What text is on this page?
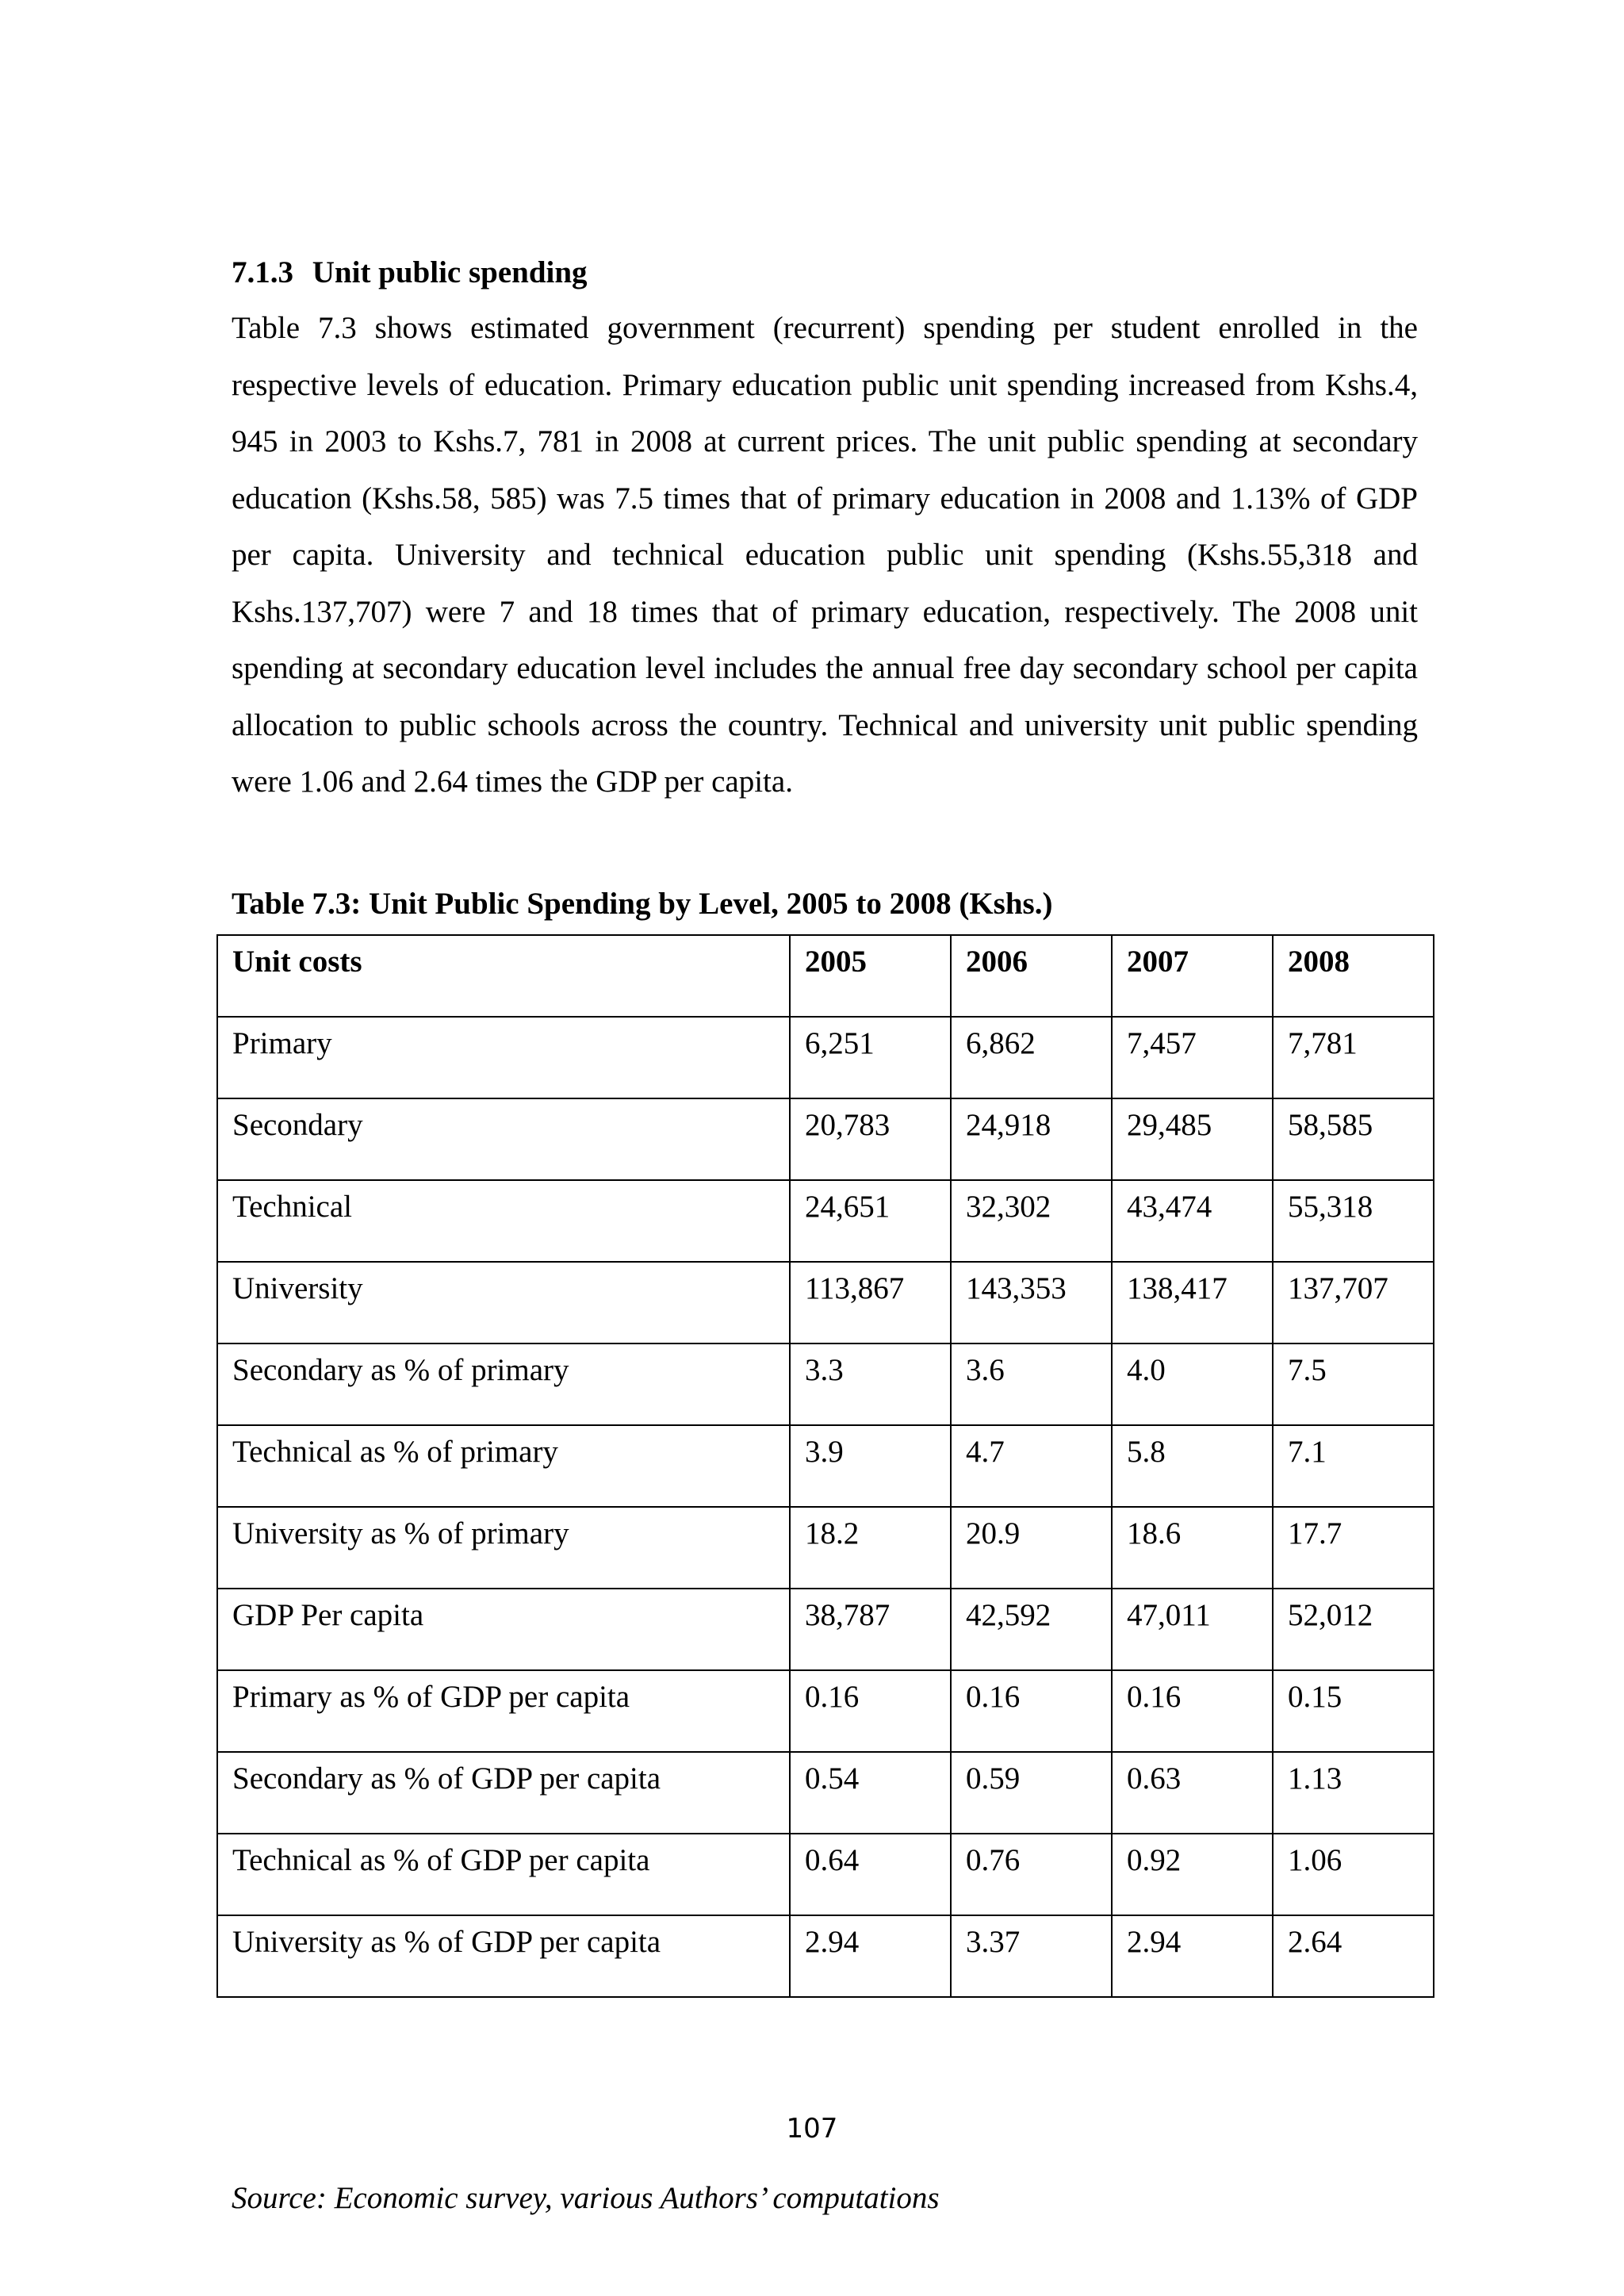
7.1.3 Unit public spending

Table 7.3 shows estimated government (recurrent) spending per student enrolled in the respective levels of education. Primary education public unit spending increased from Kshs.4, 945 in 2003 to Kshs.7, 781 in 2008 at current prices. The unit public spending at secondary education (Kshs.58, 585) was 7.5 times that of primary education in 2008 and 1.13% of GDP per capita. University and technical education public unit spending (Kshs.55,318 and Kshs.137,707) were 7 and 18 times that of primary education, respectively. The 2008 unit spending at secondary education level includes the annual free day secondary school per capita allocation to public schools across the country. Technical and university unit public spending were 1.06 and 2.64 times the GDP per capita.

Table 7.3: Unit Public Spending by Level, 2005 to 2008 (Kshs.)
Unit costs	2005	2006	2007	2008
Primary	6,251	6,862	7,457	7,781
Secondary	20,783	24,918	29,485	58,585
Technical	24,651	32,302	43,474	55,318
University	113,867	143,353	138,417	137,707
Secondary as % of primary	3.3	3.6	4.0	7.5
Technical as % of primary	3.9	4.7	5.8	7.1
University as % of primary	18.2	20.9	18.6	17.7
GDP Per capita	38,787	42,592	47,011	52,012
Primary as % of GDP per capita	0.16	0.16	0.16	0.15
Secondary as % of GDP per capita	0.54	0.59	0.63	1.13
Technical as % of GDP per capita	0.64	0.76	0.92	1.06
University as % of GDP per capita	2.94	3.37	2.94	2.64
Source: Economic survey, various Authors’ computations
107
